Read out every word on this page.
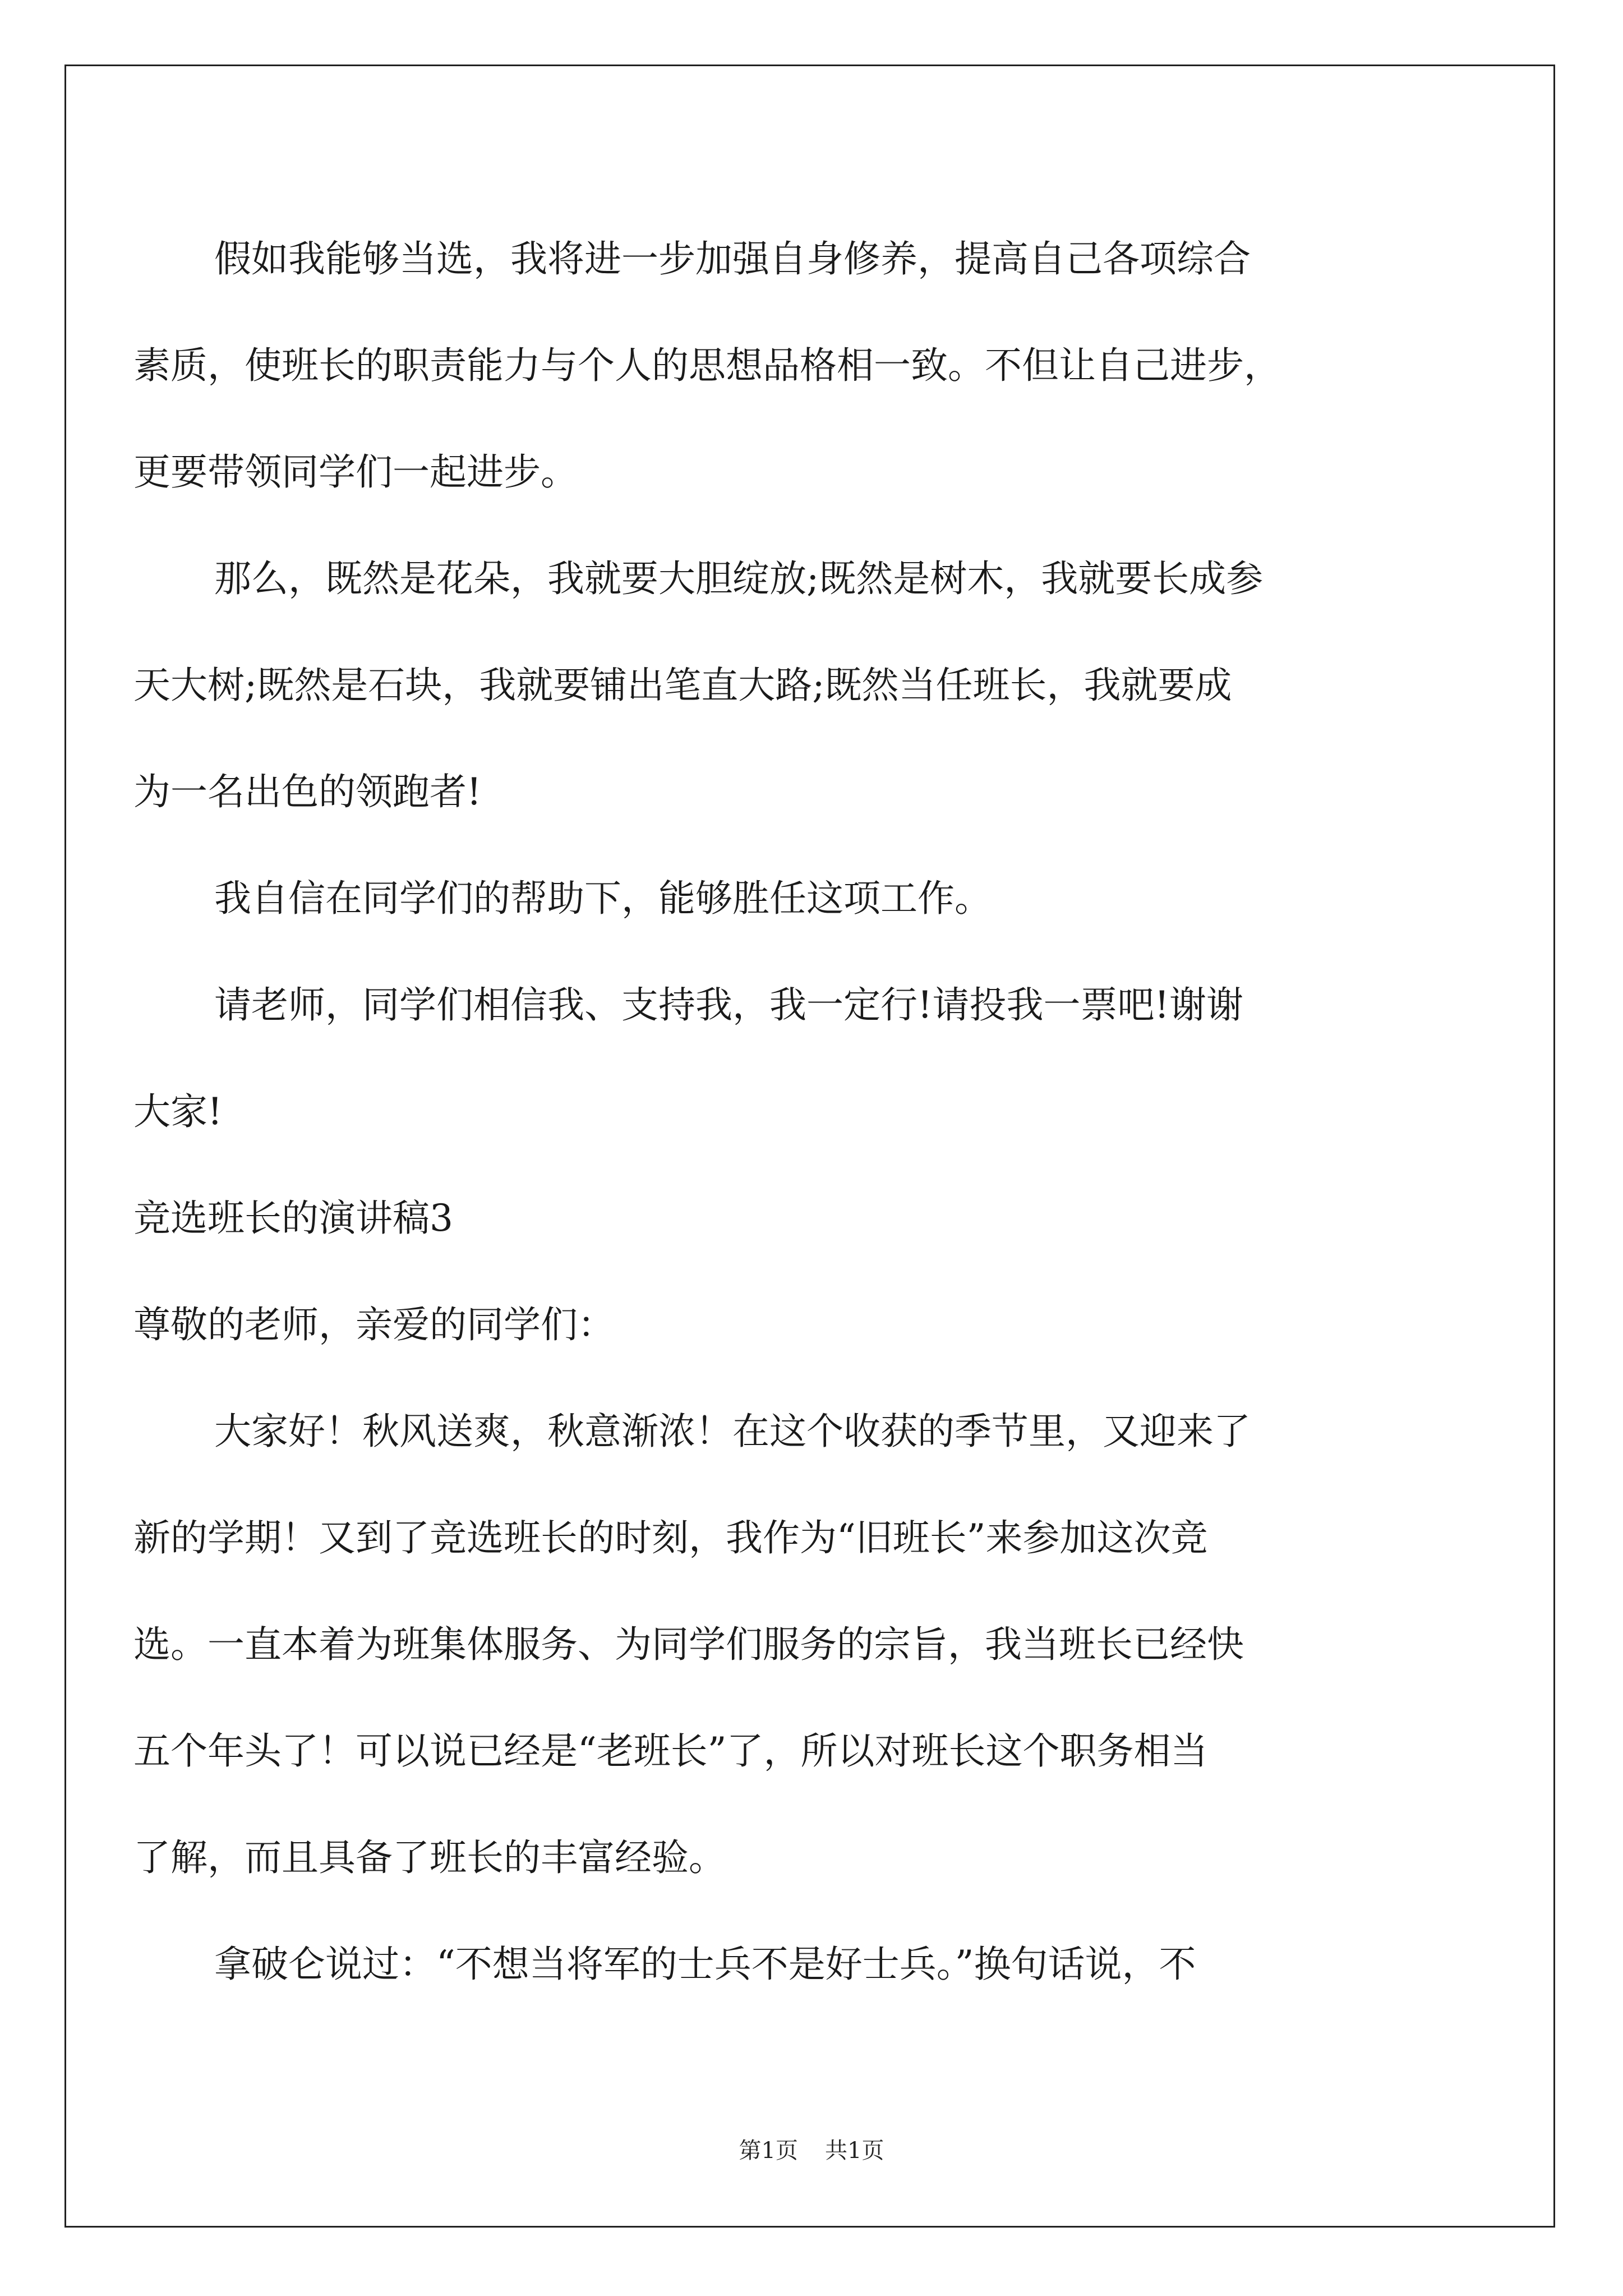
假如我能够当选，我将进一步加强自身修养，提高自己各项综合
素质，使班长的职责能力与个人的思想品格相一致。不但让自己进步，
更要带领同学们一起进步。
那么，既然是花朵，我就要大胆绽放;既然是树木，我就要长成参
天大树;既然是石块，我就要铺出笔直大路;既然当任班长，我就要成
为一名出色的领跑者!
我自信在同学们的帮助下，能够胜任这项工作。
请老师，同学们相信我、支持我，我一定行!请投我一票吧!谢谢
大家!
竞选班长的演讲稿3
尊敬的老师，亲爱的同学们：
大家好！秋风送爽，秋意渐浓！在这个收获的季节里，又迎来了
新的学期！又到了竞选班长的时刻，我作为“旧班长”来参加这次竞
选。一直本着为班集体服务、为同学们服务的宗旨，我当班长已经快
五个年头了！可以说已经是“老班长”了，所以对班长这个职务相当
了解，而且具备了班长的丰富经验。
拿破仑说过：“不想当将军的士兵不是好士兵。”换句话说，不
第1页 共1页
